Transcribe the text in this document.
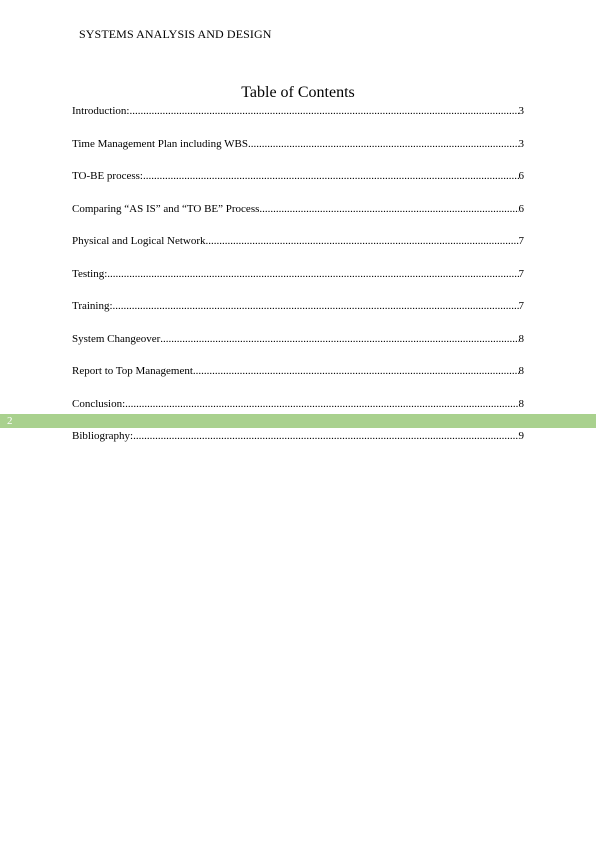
SYSTEMS ANALYSIS AND DESIGN
Table of Contents
Introduction: .....	3
Time Management Plan including WBS .....	3
TO-BE process: .....	6
Comparing “AS IS” and “TO BE” Process .....	6
Physical and Logical Network .....	7
Testing: .....	7
Training: .....	7
System Changeover .....	8
Report to Top Management .....	8
Conclusion: .....	8
Bibliography: .....	9
2
